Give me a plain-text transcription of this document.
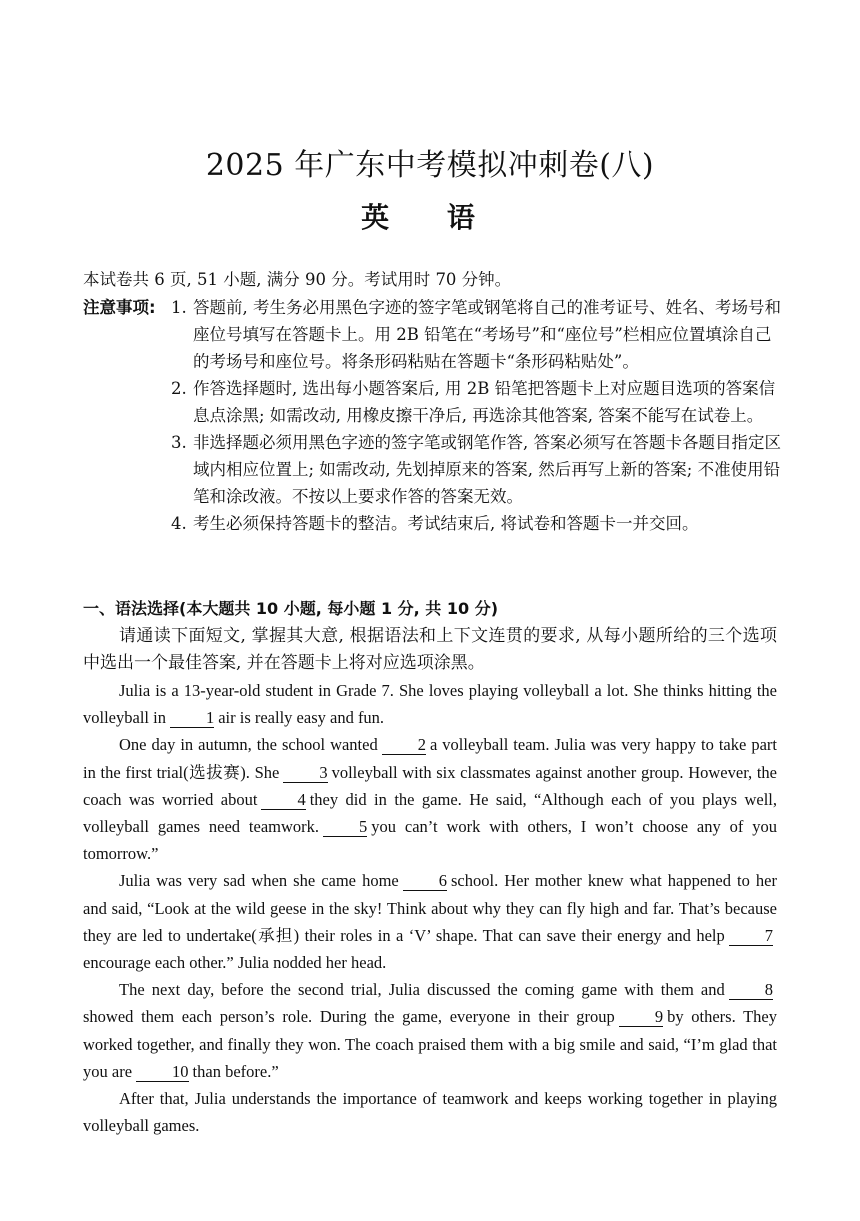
2025 年广东中考模拟冲刺卷(八)
英 语
本试卷共 6 页, 51 小题, 满分 90 分。考试用时 70 分钟。
注意事项: 1. 答题前, 考生务必用黑色字迹的签字笔或钢笔将自己的准考证号、姓名、考场号和座位号填写在答题卡上。用 2B 铅笔在“考场号”和“座位号”栏相应位置填涂自己的考场号和座位号。将条形码粘贴在答题卡“条形码粘贴处”。
2. 作答选择题时, 选出每小题答案后, 用 2B 铅笔把答题卡上对应题目选项的答案信息点涂黑; 如需改动, 用橡皮擦干净后, 再选涂其他答案, 答案不能写在试卷上。
3. 非选择题必须用黑色字迹的签字笔或钢笔作答, 答案必须写在答题卡各题目指定区域内相应位置上; 如需改动, 先划掉原来的答案, 然后再写上新的答案; 不准使用铅笔和涂改液。不按以上要求作答的答案无效。
4. 考生必须保持答题卡的整洁。考试结束后, 将试卷和答题卡一并交回。
一、语法选择(本大题共 10 小题, 每小题 1 分, 共 10 分)
请通读下面短文, 掌握其大意, 根据语法和上下文连贯的要求, 从每小题所给的三个选项中选出一个最佳答案, 并在答题卡上将对应选项涂黑。

Julia is a 13-year-old student in Grade 7. She loves playing volleyball a lot. She thinks hitting the volleyball in 1 air is really easy and fun.

One day in autumn, the school wanted 2 a volleyball team. Julia was very happy to take part in the first trial(选拔赛). She 3 volleyball with six classmates against another group. However, the coach was worried about 4 they did in the game. He said, “Although each of you plays well, volleyball games need teamwork. 5 you can’t work with others, I won’t choose any of you tomorrow.”

Julia was very sad when she came home 6 school. Her mother knew what happened to her and said, “Look at the wild geese in the sky! Think about why they can fly high and far. That’s because they are led to undertake(承担) their roles in a ‘V’ shape. That can save their energy and help 7encourage each other.” Julia nodded her head.

The next day, before the second trial, Julia discussed the coming game with them and 8showed them each person’s role. During the game, everyone in their group 9 by others. They worked together, and finally they won. The coach praised them with a big smile and said, “I’m glad that you are 10 than before.”

After that, Julia understands the importance of teamwork and keeps working together in playing volleyball games.
